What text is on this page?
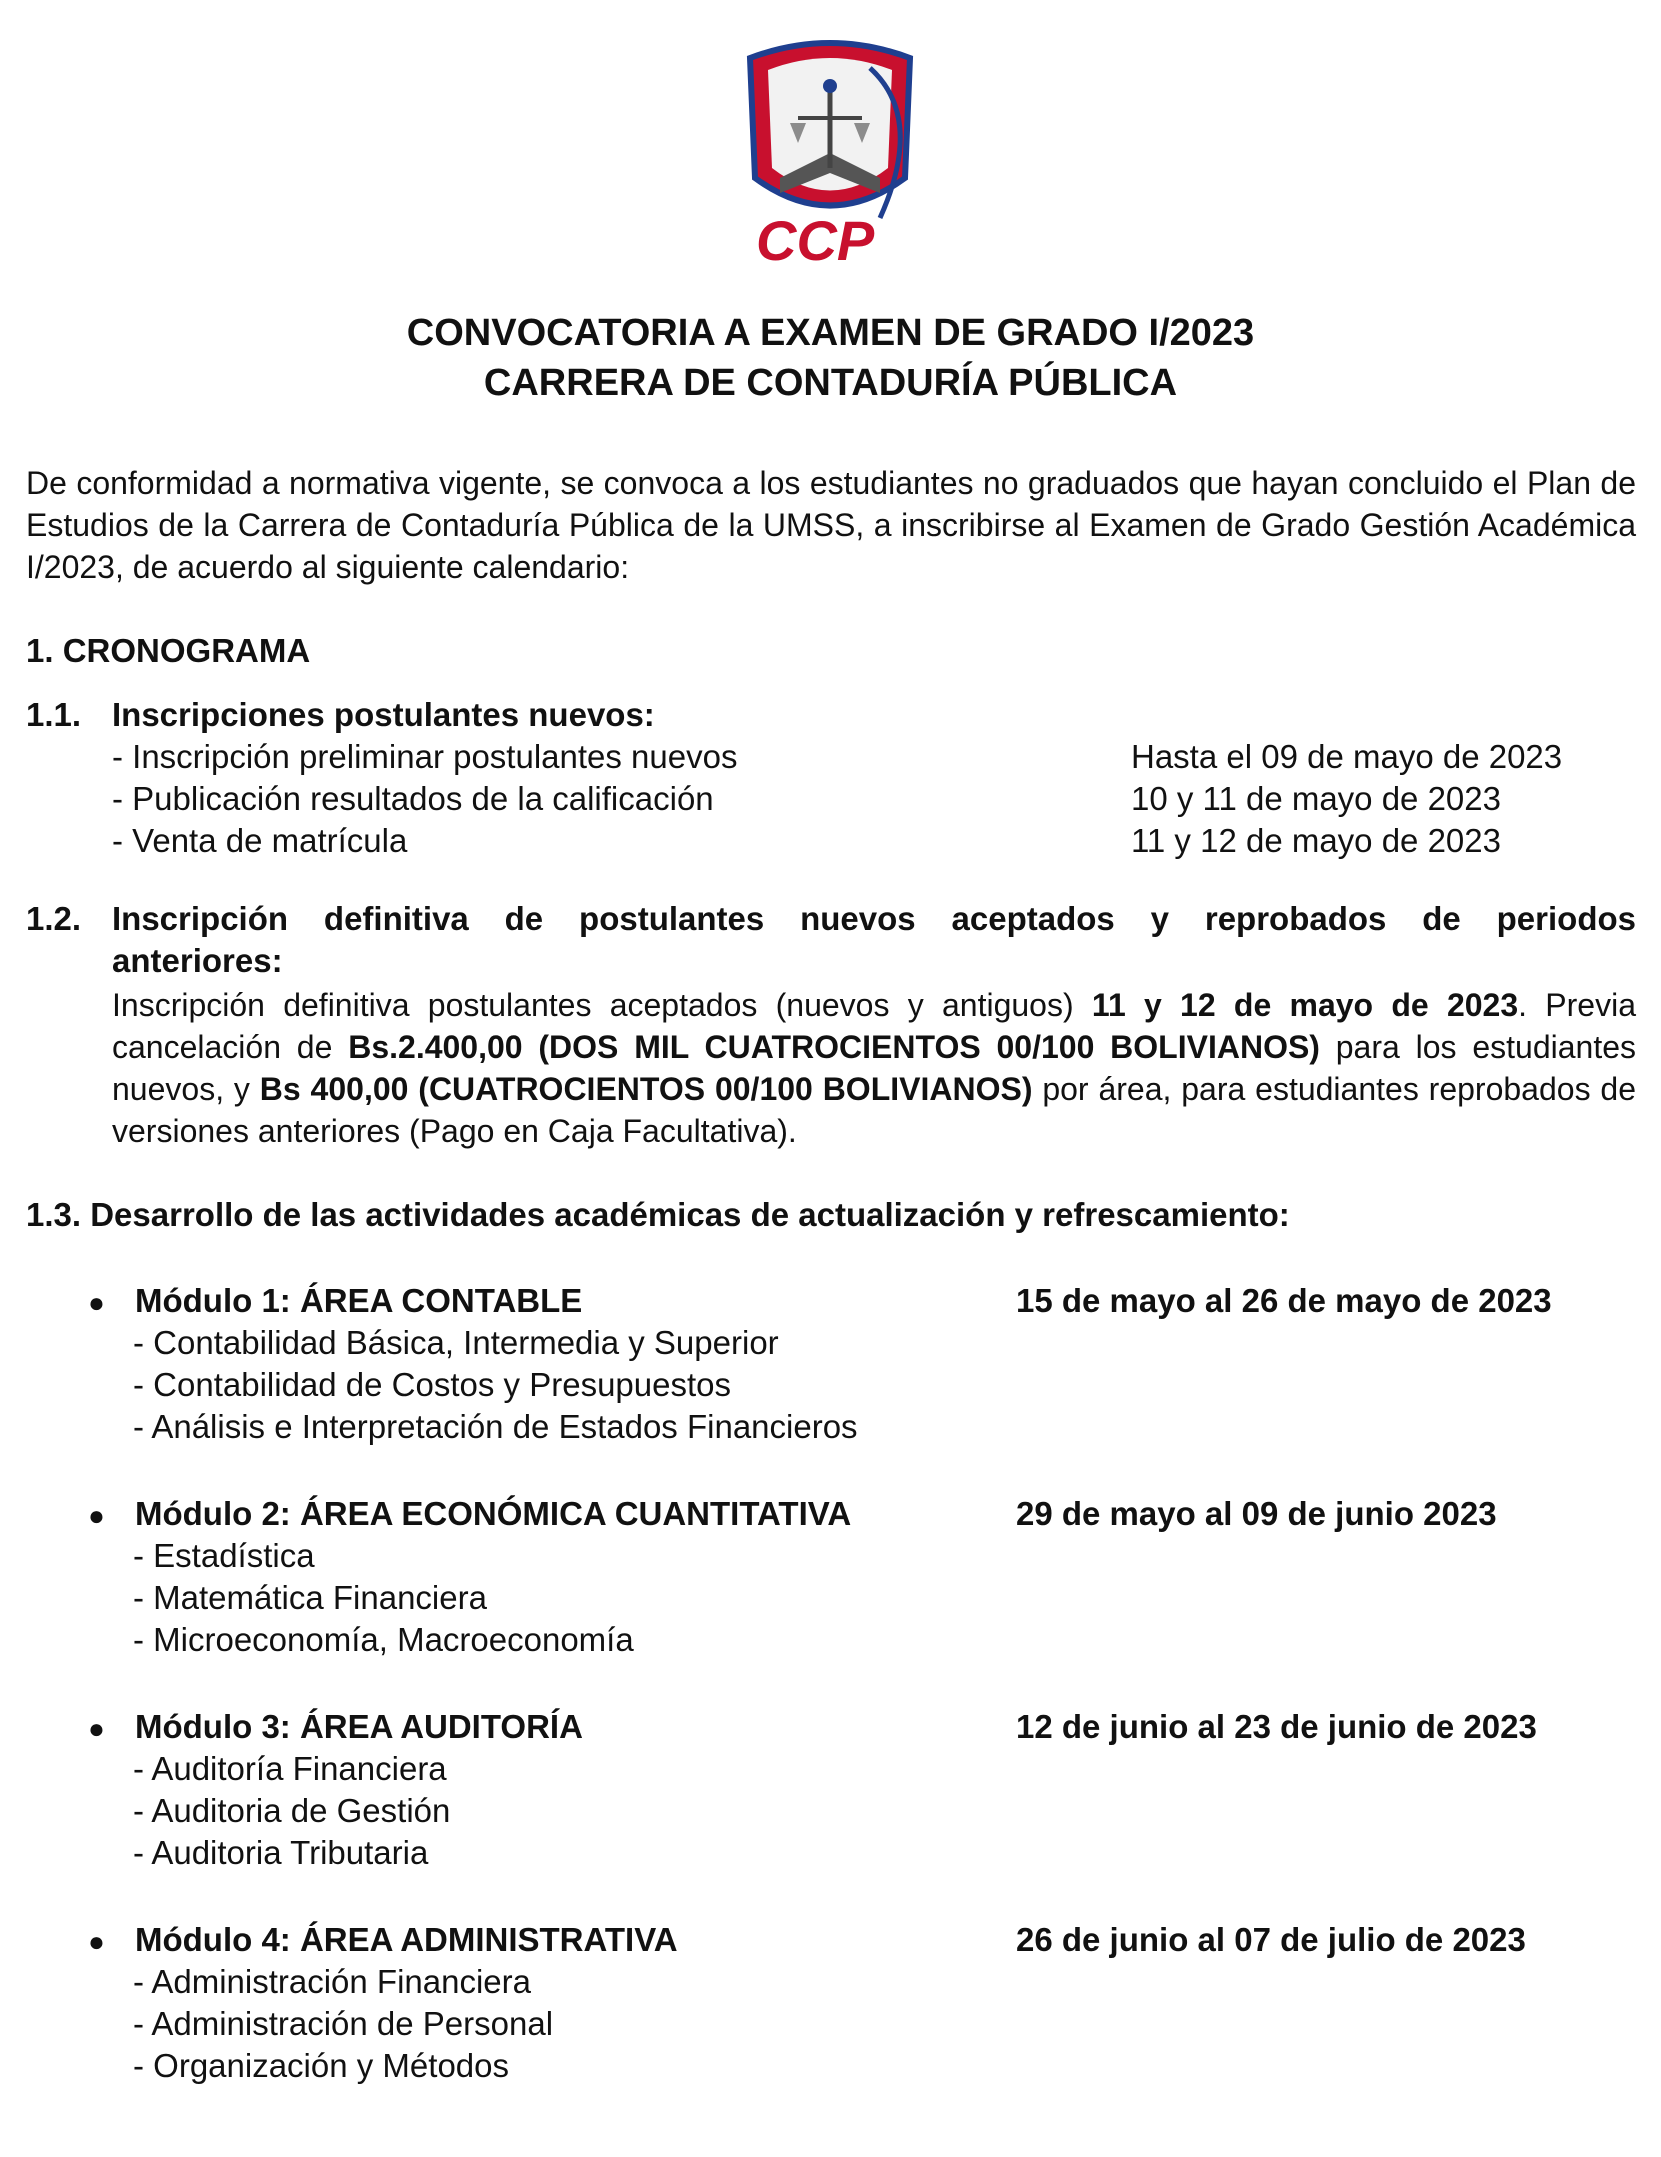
CCP
CONVOCATORIA A EXAMEN DE GRADO I/2023
CARRERA DE CONTADURÍA PÚBLICA
De conformidad a normativa vigente, se convoca a los estudiantes no graduados que hayan concluido el Plan de Estudios de la Carrera de Contaduría Pública de la UMSS, a inscribirse al Examen de Grado Gestión Académica I/2023, de acuerdo al siguiente calendario:
1. CRONOGRAMA
1.1. Inscripciones postulantes nuevos:
- Inscripción preliminar postulantes nuevos	Hasta el 09 de mayo de 2023
- Publicación resultados de la calificación	10 y 11 de mayo de 2023
- Venta de matrícula	11 y 12 de mayo de 2023
1.2. Inscripción definitiva de postulantes nuevos aceptados y reprobados de periodos
anteriores:
Inscripción definitiva postulantes aceptados (nuevos y antiguos) 11 y 12 de mayo de 2023. Previa cancelación de Bs.2.400,00 (DOS MIL CUATROCIENTOS 00/100 BOLIVIANOS) para los estudiantes nuevos, y Bs 400,00 (CUATROCIENTOS 00/100 BOLIVIANOS) por área, para estudiantes reprobados de versiones anteriores (Pago en Caja Facultativa).
1.3. Desarrollo de las actividades académicas de actualización y refrescamiento:
● Módulo 1: ÁREA CONTABLE	15 de mayo al 26 de mayo de 2023
- Contabilidad Básica, Intermedia y Superior
- Contabilidad de Costos y Presupuestos
- Análisis e Interpretación de Estados Financieros
● Módulo 2: ÁREA ECONÓMICA CUANTITATIVA	29 de mayo al 09 de junio 2023
- Estadística
- Matemática Financiera
- Microeconomía, Macroeconomía
● Módulo 3: ÁREA AUDITORÍA	12 de junio al 23 de junio de 2023
- Auditoría Financiera
- Auditoria de Gestión
- Auditoria Tributaria
● Módulo 4: ÁREA ADMINISTRATIVA	26 de junio al 07 de julio de 2023
- Administración Financiera
- Administración de Personal
- Organización y Métodos
